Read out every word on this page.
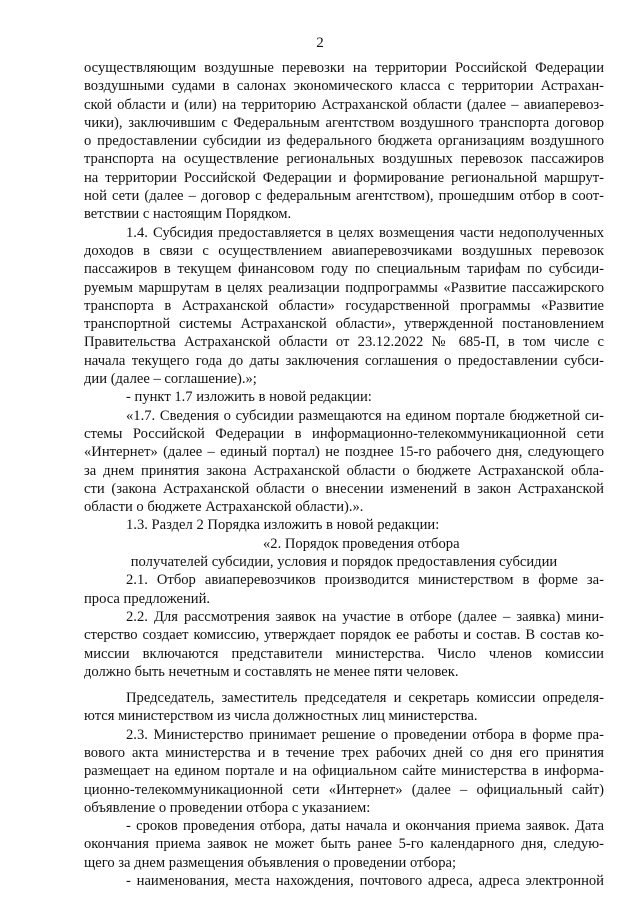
2
осуществляющим воздушные перевозки на территории Российской Федерации
воздушными судами в салонах экономического класса с территории Астрахан-
ской области и (или) на территорию Астраханской области (далее – авиаперевоз-
чики), заключившим с Федеральным агентством воздушного транспорта договор
о предоставлении субсидии из федерального бюджета организациям воздушного
транспорта на осуществление региональных воздушных перевозок пассажиров
на территории Российской Федерации и формирование региональной маршрут-
ной сети (далее – договор с федеральным агентством), прошедшим отбор в соот-
ветствии с настоящим Порядком.
1.4. Субсидия предоставляется в целях возмещения части недополученных
доходов в связи с осуществлением авиаперевозчиками воздушных перевозок
пассажиров в текущем финансовом году по специальным тарифам по субсиди-
руемым маршрутам в целях реализации подпрограммы «Развитие пассажирского
транспорта в Астраханской области» государственной программы «Развитие
транспортной системы Астраханской области», утвержденной постановлением
Правительства Астраханской области от 23.12.2022 № 685-П, в том числе с
начала текущего года до даты заключения соглашения о предоставлении субси-
дии (далее – соглашение).»;
- пункт 1.7 изложить в новой редакции:
«1.7. Сведения о субсидии размещаются на едином портале бюджетной си-
стемы Российской Федерации в информационно-телекоммуникационной сети
«Интернет» (далее – единый портал) не позднее 15-го рабочего дня, следующего
за днем принятия закона Астраханской области о бюджете Астраханской обла-
сти (закона Астраханской области о внесении изменений в закон Астраханской
области о бюджете Астраханской области).».
1.3. Раздел 2 Порядка изложить в новой редакции:
«2. Порядок проведения отбора
получателей субсидии, условия и порядок предоставления субсидии
2.1. Отбор авиаперевозчиков производится министерством в форме за-
проса предложений.
2.2. Для рассмотрения заявок на участие в отборе (далее – заявка) мини-
стерство создает комиссию, утверждает порядок ее работы и состав. В состав ко-
миссии включаются представители министерства. Число членов комиссии
должно быть нечетным и составлять не менее пяти человек.
Председатель, заместитель председателя и секретарь комиссии определя-
ются министерством из числа должностных лиц министерства.
2.3. Министерство принимает решение о проведении отбора в форме пра-
вового акта министерства и в течение трех рабочих дней со дня его принятия
размещает на едином портале и на официальном сайте министерства в информа-
ционно-телекоммуникационной сети «Интернет» (далее – официальный сайт)
объявление о проведении отбора с указанием:
- сроков проведения отбора, даты начала и окончания приема заявок. Дата
окончания приема заявок не может быть ранее 5-го календарного дня, следую-
щего за днем размещения объявления о проведении отбора;
- наименования, места нахождения, почтового адреса, адреса электронной
